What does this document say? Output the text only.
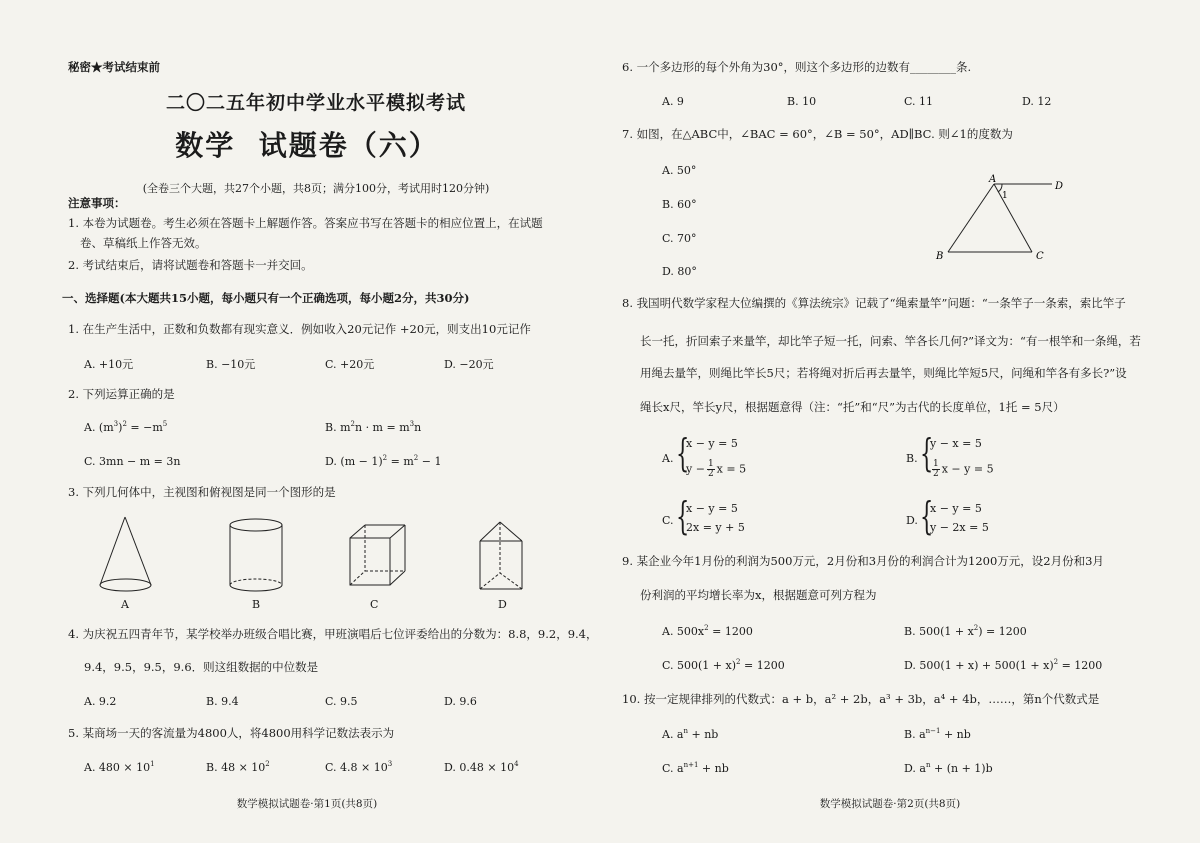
秘密★考试结束前
二〇二五年初中学业水平模拟考试
数学  试题卷（六）
(全卷三个大题，共27个小题，共8页；满分100分，考试用时120分钟)
注意事项：
1. 本卷为试题卷。考生必须在答题卡上解题作答。答案应书写在答题卡的相应位置上，在试题
卷、草稿纸上作答无效。
2. 考试结束后，请将试题卷和答题卡一并交回。
一、选择题(本大题共15小题，每小题只有一个正确选项，每小题2分，共30分)
1. 在生产生活中，正数和负数都有现实意义．例如收入20元记作 +20元，则支出10元记作
A. +10元	B. −10元	C. +20元	D. −20元
2. 下列运算正确的是
A. $(m^3)^2 = -m^5$	B. $m^2n \cdot m = m^3n$
C. 3mn − m = 3n	D. $(m - 1)^2 = m^2 - 1$
3. 下列几何体中，主视图和俯视图是同一个图形的是
A	B	C	D
4. 为庆祝五四青年节，某学校举办班级合唱比赛，甲班演唱后七位评委给出的分数为：8.8，9.2，9.4，
9.4，9.5，9.5，9.6．则这组数据的中位数是
A. 9.2	B. 9.4	C. 9.5	D. 9.6
5. 某商场一天的客流量为4800人，将4800用科学记数法表示为
A. $480 \times 10^1$	B. $48 \times 10^2$	C. $4.8 \times 10^3$	D. $0.48 \times 10^4$
数学模拟试题卷·第1页(共8页)
6. 一个多边形的每个外角为30°，则这个多边形的边数有________条.
A. 9	B. 10	C. 11	D. 12
7. 如图，在△ABC中，∠BAC = 60°，∠B = 50°，AD∥BC. 则∠1的度数为
A. 50°
B. 60°
C. 70°
D. 80°
A
D
1
B	C
8. 我国明代数学家程大位编撰的《算法统宗》记载了“绳索量竿”问题：“一条竿子一条索，索比竿子
长一托，折回索子来量竿，却比竿子短一托，问索、竿各长几何?”译文为：“有一根竿和一条绳，若
用绳去量竿，则绳比竿长5尺；若将绳对折后再去量竿，则绳比竿短5尺，问绳和竿各有多长?”设
绳长x尺，竿长y尺，根据题意得（注：“托”和“尺”为古代的长度单位，1托 = 5尺）
A. {
x − y = 5
$y - \frac{1}{2}$ x = 5
B. {
y − x = 5
$\frac{1}{2}$ x − y = 5
C. {
x − y = 5
2x = y + 5
D. {
x − y = 5
y − 2x = 5
9. 某企业今年1月份的利润为500万元，2月份和3月份的利润合计为1200万元，设2月份和3月
份利润的平均增长率为x，根据题意可列方程为
A. $500x^2 = 1200$	B. $500(1 + x^2) = 1200$
C. $500(1 + x)^2 = 1200$	D. $500(1 + x) + 500(1 + x)^2 = 1200$
10. 按一定规律排列的代数式：a + b，a² + 2b，a³ + 3b，a⁴ + 4b，……，第n个代数式是
A. $a^n$ + nb	B. $a^{n-1}$ + nb
C. $a^{n+1}$ + nb	D. $a^n + (n + 1)b$
数学模拟试题卷·第2页(共8页)
